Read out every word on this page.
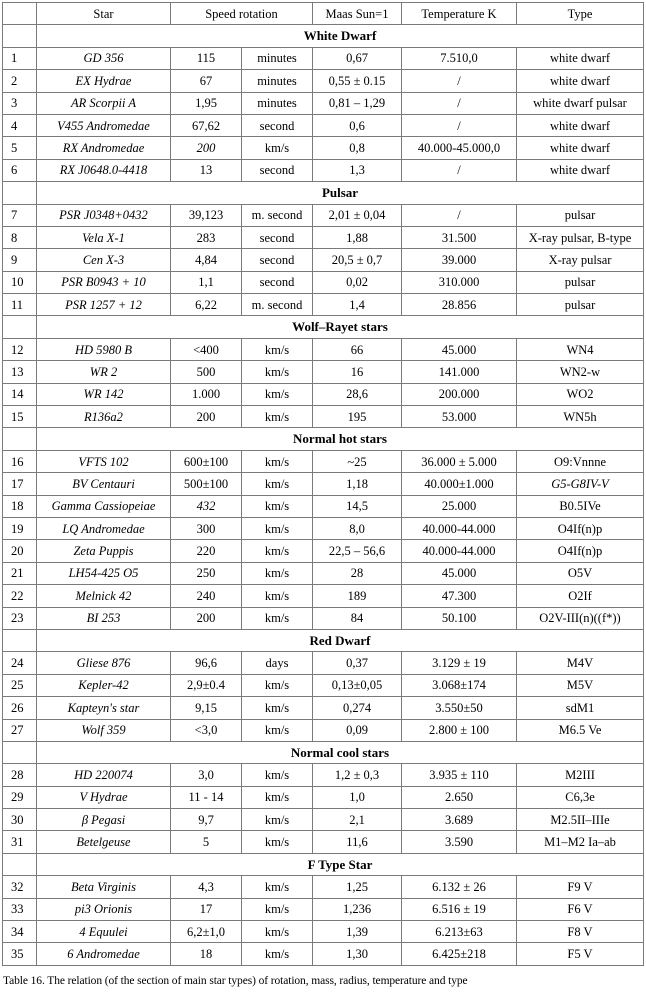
	Star	Speed rotation		Maas Sun=1	Temperature K	Type
	White Dwarf					
1	GD 356	115	minutes	0,67	7.510,0	white dwarf
2	EX Hydrae	67	minutes	0,55 ± 0.15	/	white dwarf
3	AR Scorpii A	1,95	minutes	0,81 – 1,29	/	white dwarf pulsar
4	V455 Andromedae	67,62	second	0,6	/	white dwarf
5	RX Andromedae	200	km/s	0,8	40.000-45.000,0	white dwarf
6	RX J0648.0-4418	13	second	1,3	/	white dwarf
	Pulsar					
7	PSR J0348+0432	39,123	m. second	2,01 ± 0,04	/	pulsar
8	Vela X-1	283	second	1,88	31.500	X-ray pulsar, B-type
9	Cen X-3	4,84	second	20,5 ± 0,7	39.000	X-ray pulsar
10	PSR B0943 + 10	1,1	second	0,02	310.000	pulsar
11	PSR 1257 + 12	6,22	m. second	1,4	28.856	pulsar
	Wolf–Rayet stars					
12	HD 5980 B	<400	km/s	66	45.000	WN4
13	WR 2	500	km/s	16	141.000	WN2-w
14	WR 142	1.000	km/s	28,6	200.000	WO2
15	R136a2	200	km/s	195	53.000	WN5h
	Normal hot stars					
16	VFTS 102	600±100	km/s	~25	36.000 ± 5.000	O9:Vnnne
17	BV Centauri	500±100	km/s	1,18	40.000±1.000	G5-G8IV-V
18	Gamma Cassiopeiae	432	km/s	14,5	25.000	B0.5IVe
19	LQ Andromedae	300	km/s	8,0	40.000-44.000	O4If(n)p
20	Zeta Puppis	220	km/s	22,5 – 56,6	40.000-44.000	O4If(n)p
21	LH54-425 O5	250	km/s	28	45.000	O5V
22	Melnick 42	240	km/s	189	47.300	O2If
23	BI 253	200	km/s	84	50.100	O2V-III(n)((f*))
	Red Dwarf					
24	Gliese 876	96,6	days	0,37	3.129 ± 19	M4V
25	Kepler-42	2,9±0.4	km/s	0,13±0,05	3.068±174	M5V
26	Kapteyn's star	9,15	km/s	0,274	3.550±50	sdM1
27	Wolf 359	<3,0	km/s	0,09	2.800 ± 100	M6.5 Ve
	Normal cool stars					
28	HD 220074	3,0	km/s	1,2 ± 0,3	3.935 ± 110	M2III
29	V Hydrae	11 - 14	km/s	1,0	2.650	C6,3e
30	β Pegasi	9,7	km/s	2,1	3.689	M2.5II–IIIe
31	Betelgeuse	5	km/s	11,6	3.590	M1–M2 Ia–ab
	F Type Star					
32	Beta Virginis	4,3	km/s	1,25	6.132 ± 26	F9 V
33	pi3 Orionis	17	km/s	1,236	6.516 ± 19	F6 V
34	4 Equulei	6,2±1,0	km/s	1,39	6.213±63	F8 V
35	6 Andromedae	18	km/s	1,30	6.425±218	F5 V
Table 16. The relation (of the section of main star types) of rotation, mass, radius, temperature and type
